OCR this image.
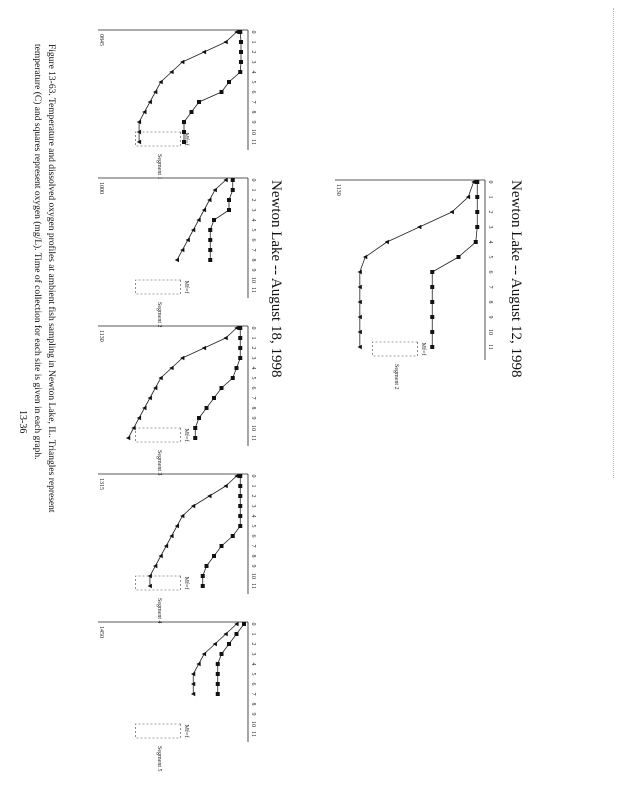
Newton Lake -- August 12, 1998
0
1
2
3
4
5
6
7
8
9
10
11
Mf=f
Segment 2
1130
Newton Lake -- August 18, 1998
0
1
2
3
4
5
6
7
8
9
10
11
Mf=f
Segment 1
0845
0
1
2
3
4
5
6
7
8
9
10
11
Mf=f
Segment 2
1000
0
1
2
3
4
5
6
7
8
9
10
11
Mf=f
Segment 3
1130
0
1
2
3
4
5
6
7
8
9
10
11
Mf=f
Segment 4
1315
0
1
2
3
4
5
6
7
8
9
10
11
Mf=f
Segment 5
1450
Figure 13-63. Temperature and dissolved oxygen profiles at ambient fish sampling in Newton Lake, IL. Triangles represent
temperature (C) and squares represent oxygen (mg/L). Time of collection for each site is given in each graph.
13-36
